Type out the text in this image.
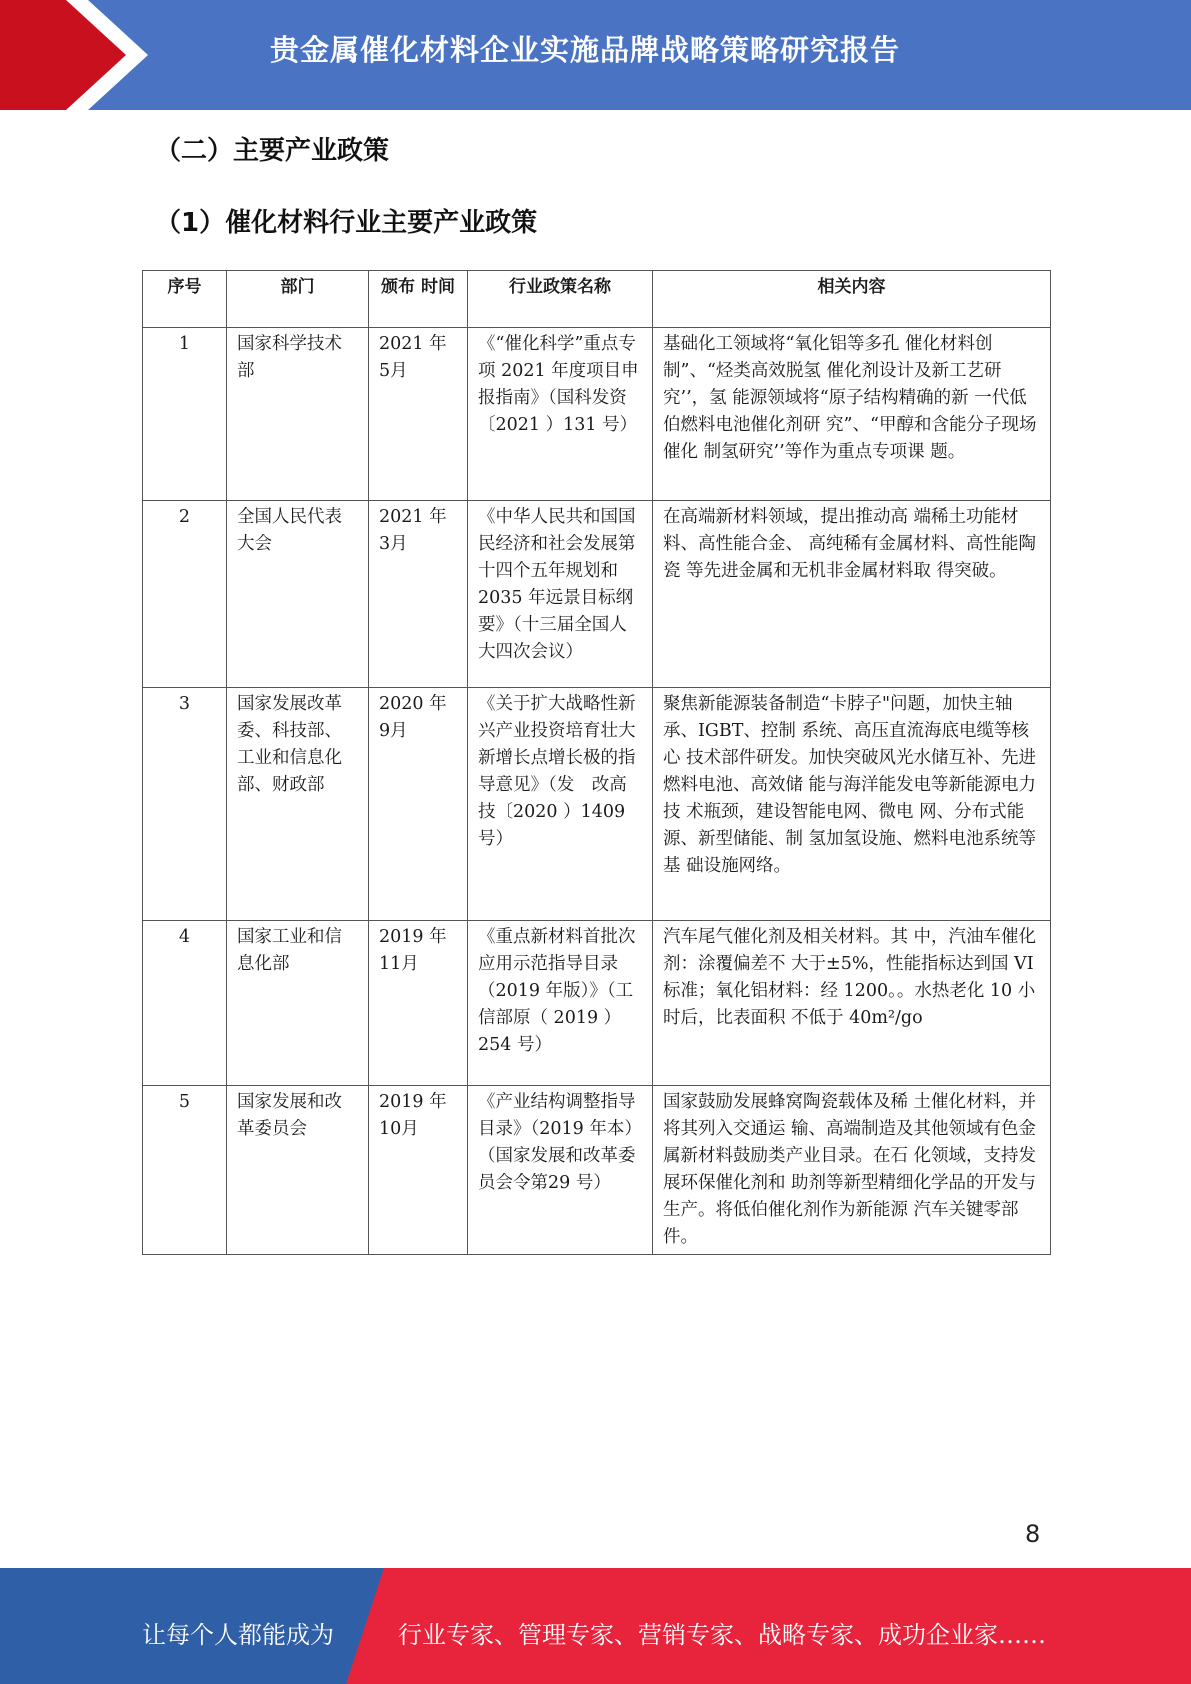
贵金属催化材料企业实施品牌战略策略研究报告
（二）主要产业政策
（1）催化材料行业主要产业政策
序号	部门	颁布 时间	行业政策名称	相关内容
1	国家科学技术部	2021 年 5月	《“催化科学”重点专项 2021 年度项目申报指南》（国科发资〔2021 ）131 号）	基础化工领域将“氧化铝等多孔 催化材料创制”、“烃类高效脱氢 催化剂设计及新工艺研究’’，氢 能源领域将“原子结构精确的新 一代低伯燃料电池催化剂研 究”、“甲醇和含能分子现场催化 制氢研究’’等作为重点专项课 题。
2	全国人民代表大会	2021 年 3月	《中华人民共和国国民经济和社会发展第十四个五年规划和 2035 年远景目标纲要》（十三届全国人大四次会议）	在高端新材料领域，提出推动高 端稀土功能材料、高性能合金、 高纯稀有金属材料、高性能陶瓷 等先进金属和无机非金属材料取 得突破。
3	国家发展改革委、科技部、工业和信息化部、财政部	2020 年 9月	《关于扩大战略性新兴产业投资培育壮大新增长点增长极的指导意见》（发　改高技〔2020 ）1409 号）	聚焦新能源装备制造“卡脖子"问题，加快主轴承、IGBT、控制 系统、高压直流海底电缆等核心 技术部件研发。加快突破风光水储互补、先进燃料电池、高效储 能与海洋能发电等新能源电力技 术瓶颈，建设智能电网、微电 网、分布式能源、新型储能、制 氢加氢设施、燃料电池系统等基 础设施网络。
4	国家工业和信息化部	2019 年 11月	《重点新材料首批次应用示范指导目录（2019 年版）》（工信部原（ 2019 ）　254 号）	汽车尾气催化剂及相关材料。其 中，汽油车催化剂：涂覆偏差不 大于±5%，性能指标达到国 VI 标准；氧化铝材料：经 1200。。水热老化 10 小时后，比表面积 不低于 40m²/go
5	国家发展和改革委员会	2019 年 10月	《产业结构调整指导目录》（2019 年本）（国家发展和改革委员会令第29 号）	国家鼓励发展蜂窝陶瓷载体及稀 土催化材料，并将其列入交通运 输、高端制造及其他领域有色金 属新材料鼓励类产业目录。在石 化领域，支持发展环保催化剂和 助剂等新型精细化学品的开发与 生产。将低伯催化剂作为新能源 汽车关键零部件。
8
让每个人都能成为	行业专家、管理专家、营销专家、战略专家、成功企业家……
